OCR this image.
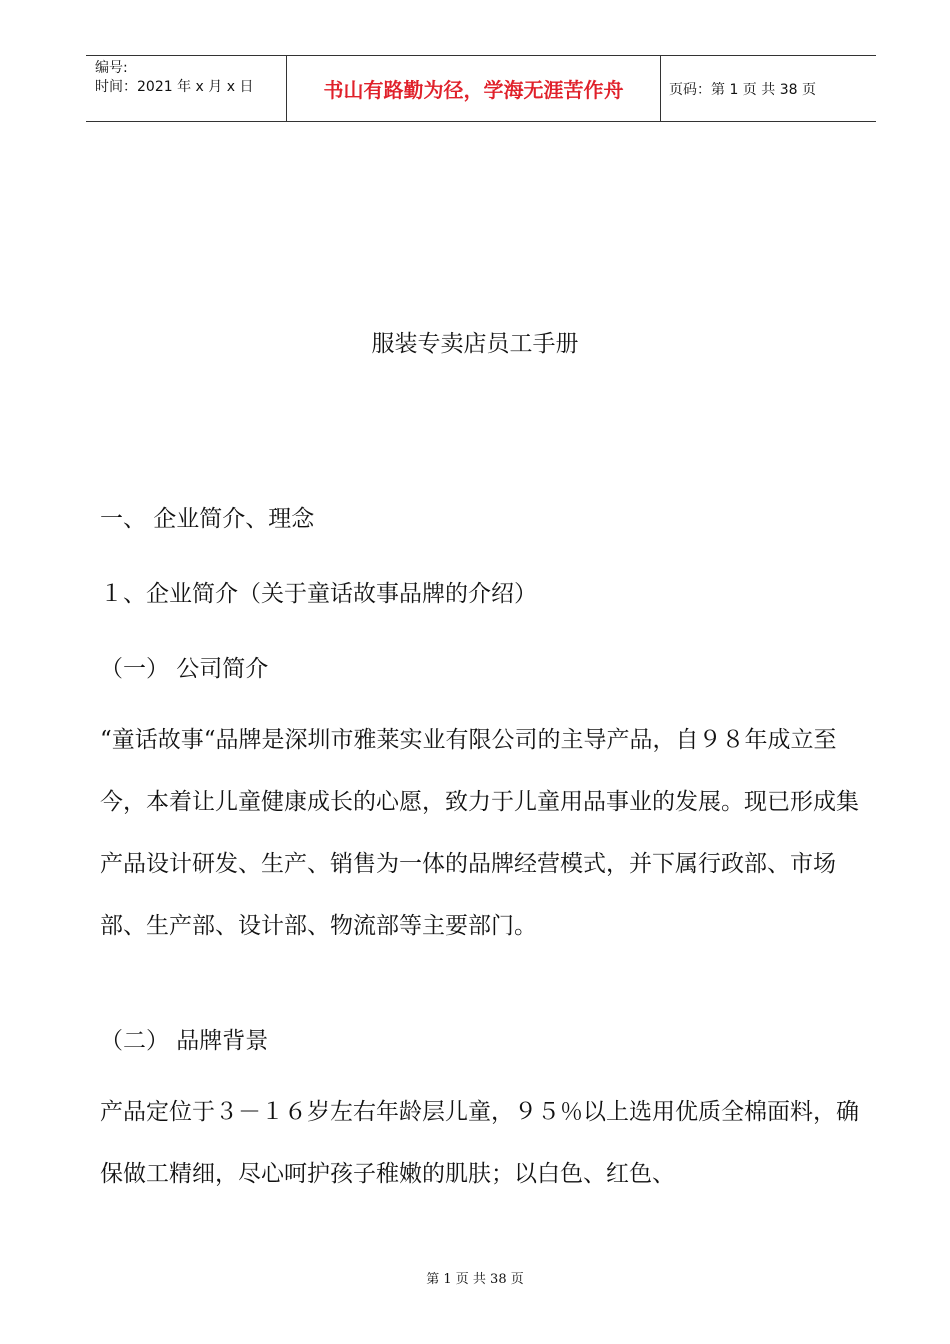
编号:
时间：2021 年 x 月 x 日	书山有路勤为径，学海无涯苦作舟	页码：第 1 页 共 38 页
服装专卖店员工手册
一、 企业简介、理念
１、企业简介（关于童话故事品牌的介绍）
（一） 公司简介
“童话故事“品牌是深圳市雅莱实业有限公司的主导产品，自９８年成立至今，本着让儿童健康成长的心愿，致力于儿童用品事业的发展。现已形成集产品设计研发、生产、销售为一体的品牌经营模式，并下属行政部、市场部、生产部、设计部、物流部等主要部门。
（二） 品牌背景
产品定位于３－１６岁左右年龄层儿童，９５％以上选用优质全棉面料，确保做工精细，尽心呵护孩子稚嫩的肌肤；以白色、红色、
第 1 页 共 38 页
